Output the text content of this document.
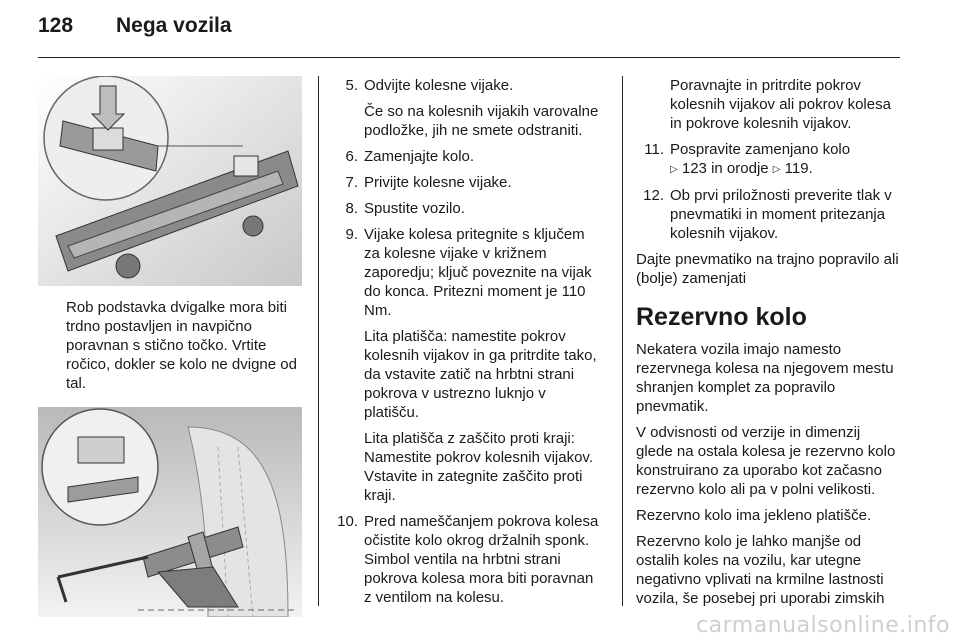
128 Nega vozila

Rob podstavka dvigalke mora biti trdno postavljen in navpično poravnan s stično točko. Vrtite ročico, dokler se kolo ne dvigne od tal.

5. Odvijte kolesne vijake.

Če so na kolesnih vijakih varovalne podložke, jih ne smete odstraniti.

6. Zamenjajte kolo.
7. Privijte kolesne vijake.
8. Spustite vozilo.
9. Vijake kolesa pritegnite s ključem za kolesne vijake v križnem zaporedju; ključ poveznite na vijak do konca. Pritezni moment je 110 Nm.

Lita platišča: namestite pokrov kolesnih vijakov in ga pritrdite tako, da vstavite zatič na hrbtni strani pokrova v ustrezno luknjo v platišču.

Lita platišča z zaščito proti kraji: Namestite pokrov kolesnih vijakov. Vstavite in zategnite zaščito proti kraji.

10. Pred nameščanjem pokrova kolesa očistite kolo okrog držalnih sponk. Simbol ventila na hrbtni strani pokrova kolesa mora biti poravnan z ventilom na kolesu.

Poravnajte in pritrdite pokrov kolesnih vijakov ali pokrov kolesa in pokrove kolesnih vijakov.

11. Pospravite zamenjano kolo
▷ 123 in orodje ▷ 119.
12. Ob prvi priložnosti preverite tlak v pnevmatiki in moment pritezanja kolesnih vijakov.

Dajte pnevmatiko na trajno popravilo ali (bolje) zamenjati

Rezervno kolo

Nekatera vozila imajo namesto rezervnega kolesa na njegovem mestu shranjen komplet za popravilo pnevmatik.

V odvisnosti od verzije in dimenzij glede na ostala kolesa je rezervno kolo konstruirano za uporabo kot začasno rezervno kolo ali pa v polni velikosti.

Rezervno kolo ima jekleno platišče.

Rezervno kolo je lahko manjše od ostalih koles na vozilu, kar utegne negativno vplivati na krmilne lastnosti vozila, še posebej pri uporabi zimskih

carmanualsonline.info
